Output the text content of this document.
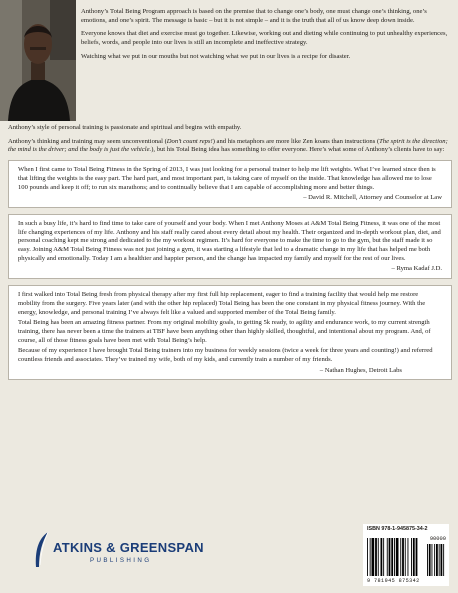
Anthony’s Total Being Program approach is based on the premise that to change one’s body, one must change one’s thinking, one’s emotions, and one’s spirit. The message is basic – but it is not simple – and it is the truth that all of us know deep down inside.

Everyone knows that diet and exercise must go together. Likewise, working out and dieting while continuing to put unhealthy experiences, beliefs, words, and people into our lives is still an incomplete and ineffective strategy.

Watching what we put in our mouths but not watching what we put in our lives is a recipe for disaster.

Anthony’s style of personal training is passionate and spiritual and begins with empathy.

Anthony’s thinking and training may seem unconventional (Don’t count reps!) and his metaphors are more like Zen koans than instructions (The spirit is the direction; the mind is the driver; and the body is just the vehicle.), but his Total Being idea has something to offer everyone. Here’s what some of Anthony’s clients have to say:

When I first came to Total Being Fitness in the Spring of 2013, I was just looking for a personal trainer to help me lift weights. What I’ve learned since then is that lifting the weights is the easy part. The hard part, and most important part, is taking care of myself on the inside. That knowledge has allowed me to lose 100 pounds and keep it off; to run six marathons; and to continually believe that I am capable of accomplishing more and better things.

– David R. Mitchell, Attorney and Counselor at Law

In such a busy life, it’s hard to find time to take care of yourself and your body. When I met Anthony Moses at A&M Total Being Fitness, it was one of the most life changing experiences of my life. Anthony and his staff really cared about every detail about my health. Their organized and in-depth workout plan, diet, and personal coaching kept me strong and dedicated to the my workout regimen. It’s hard for everyone to make the time to go to the gym, but the staff made it so easy. Joining A&M Total Being Fitness was not just joining a gym, it was starting a lifestyle that led to a dramatic change in my life that has helped me both physically and emotionally. Today I am a healthier and happier person, and the change has impacted my family and myself for the rest of our lives.

– Ryma Kadaf J.D.

I first walked into Total Being fresh from physical therapy after my first full hip replacement, eager to find a training facility that would help me restore mobility from the surgery. Five years later (and with the other hip replaced) Total Being has been the one constant in my physical fitness journey. With the energy, knowledge, and personal training I’ve always felt like a valued and supported member of the Total Being family.

Total Being has been an amazing fitness partner. From my original mobility goals, to getting 5k ready, to agility and endurance work, to my current strength training, there has never been a time the trainers at TBF have been anything other than highly skilled, thoughtful, and intentional about my program. And, of course, all of those fitness goals have been met with Total Being’s help.

Because of my experience I have brought Total Being trainers into my business for weekly sessions (twice a week for three years and counting!) and referred countless friends and associates. They’ve trained my wife, both of my kids, and currently train a number of my friends.

– Nathan Hughes, Detroit Labs
ATKINS & GREENSPAN
PUBLISHING
ISBN 978-1-945875-34-2
90000
9 781945 875342
